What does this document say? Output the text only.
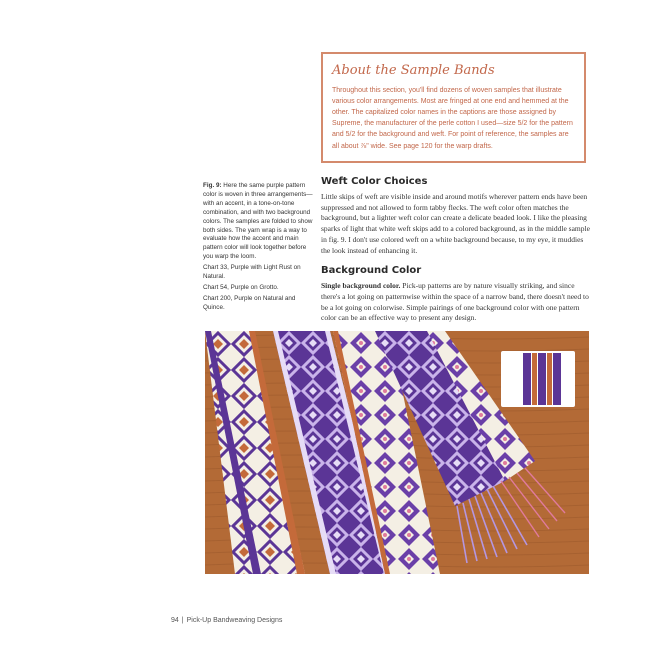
About the Sample Bands

Throughout this section, you'll find dozens of woven samples that illustrate various color arrangements. Most are fringed at one end and hemmed at the other. The capitalized color names in the captions are those assigned by Supreme, the manufacturer of the perle cotton I used—size 5/2 for the pattern and 5/2 for the background and weft. For point of reference, the samples are all about ⅞" wide. See page 120 for the warp drafts.

Fig. 9: Here the same purple pattern color is woven in three arrangements—with an accent, in a tone-on-tone combination, and with two background colors. The samples are folded to show both sides. The yarn wrap is a way to evaluate how the accent and main pattern color will look together before you warp the loom.

Chart 33, Purple with Light Rust on Natural.

Chart 54, Purple on Grotto.

Chart 200, Purple on Natural and Quince.

Weft Color Choices

Little skips of weft are visible inside and around motifs wherever pattern ends have been suppressed and not allowed to form tabby flecks. The weft color often matches the background, but a lighter weft color can create a delicate beaded look. I like the pleasing sparks of light that white weft skips add to a colored background, as in the middle sample in fig. 9. I don't use colored weft on a white background because, to my eye, it muddies the look instead of enhancing it.

Background Color

Single background color. Pick-up patterns are by nature visually striking, and since there's a lot going on patternwise within the space of a narrow band, there doesn't need to be a lot going on colorwise. Simple pairings of one background color with one pattern color can be an effective way to present any design.

94 | Pick-Up Bandweaving Designs
